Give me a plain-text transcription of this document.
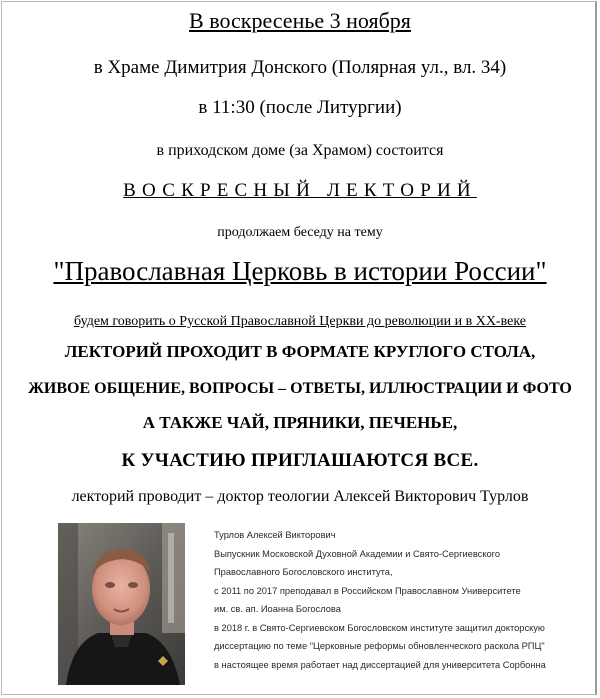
В воскресенье 3 ноября
в Храме Димитрия Донского (Полярная ул., вл. 34)
в 11:30 (после Литургии)
в приходском доме (за Храмом) состоится
ВОСКРЕСНЫЙ ЛЕКТОРИЙ
продолжаем беседу на тему
"Православная Церковь в истории России"
будем говорить о Русской Православной Церкви до революции и в XX-веке
ЛЕКТОРИЙ ПРОХОДИТ В ФОРМАТЕ КРУГЛОГО СТОЛА,
ЖИВОЕ ОБЩЕНИЕ, ВОПРОСЫ – ОТВЕТЫ, ИЛЛЮСТРАЦИИ И ФОТО
А ТАКЖЕ ЧАЙ, ПРЯНИКИ, ПЕЧЕНЬЕ,
К УЧАСТИЮ ПРИГЛАШАЮТСЯ ВСЕ.
лекторий проводит – доктор теологии Алексей Викторович Турлов
Турлов Алексей Викторович
Выпускник Московской Духовной Академии и Свято-Сергиевского
Православного Богословского института,
с 2011 по 2017 преподавал в Российском Православном Университете
им. св. ап. Иоанна Богослова
в 2018 г. в Свято-Сергиевском Богословском институте защитил докторскую
диссертацию по теме "Церковные реформы обновленческого раскола РПЦ"
в настоящее время работает над диссертацией для университета Сорбонна
